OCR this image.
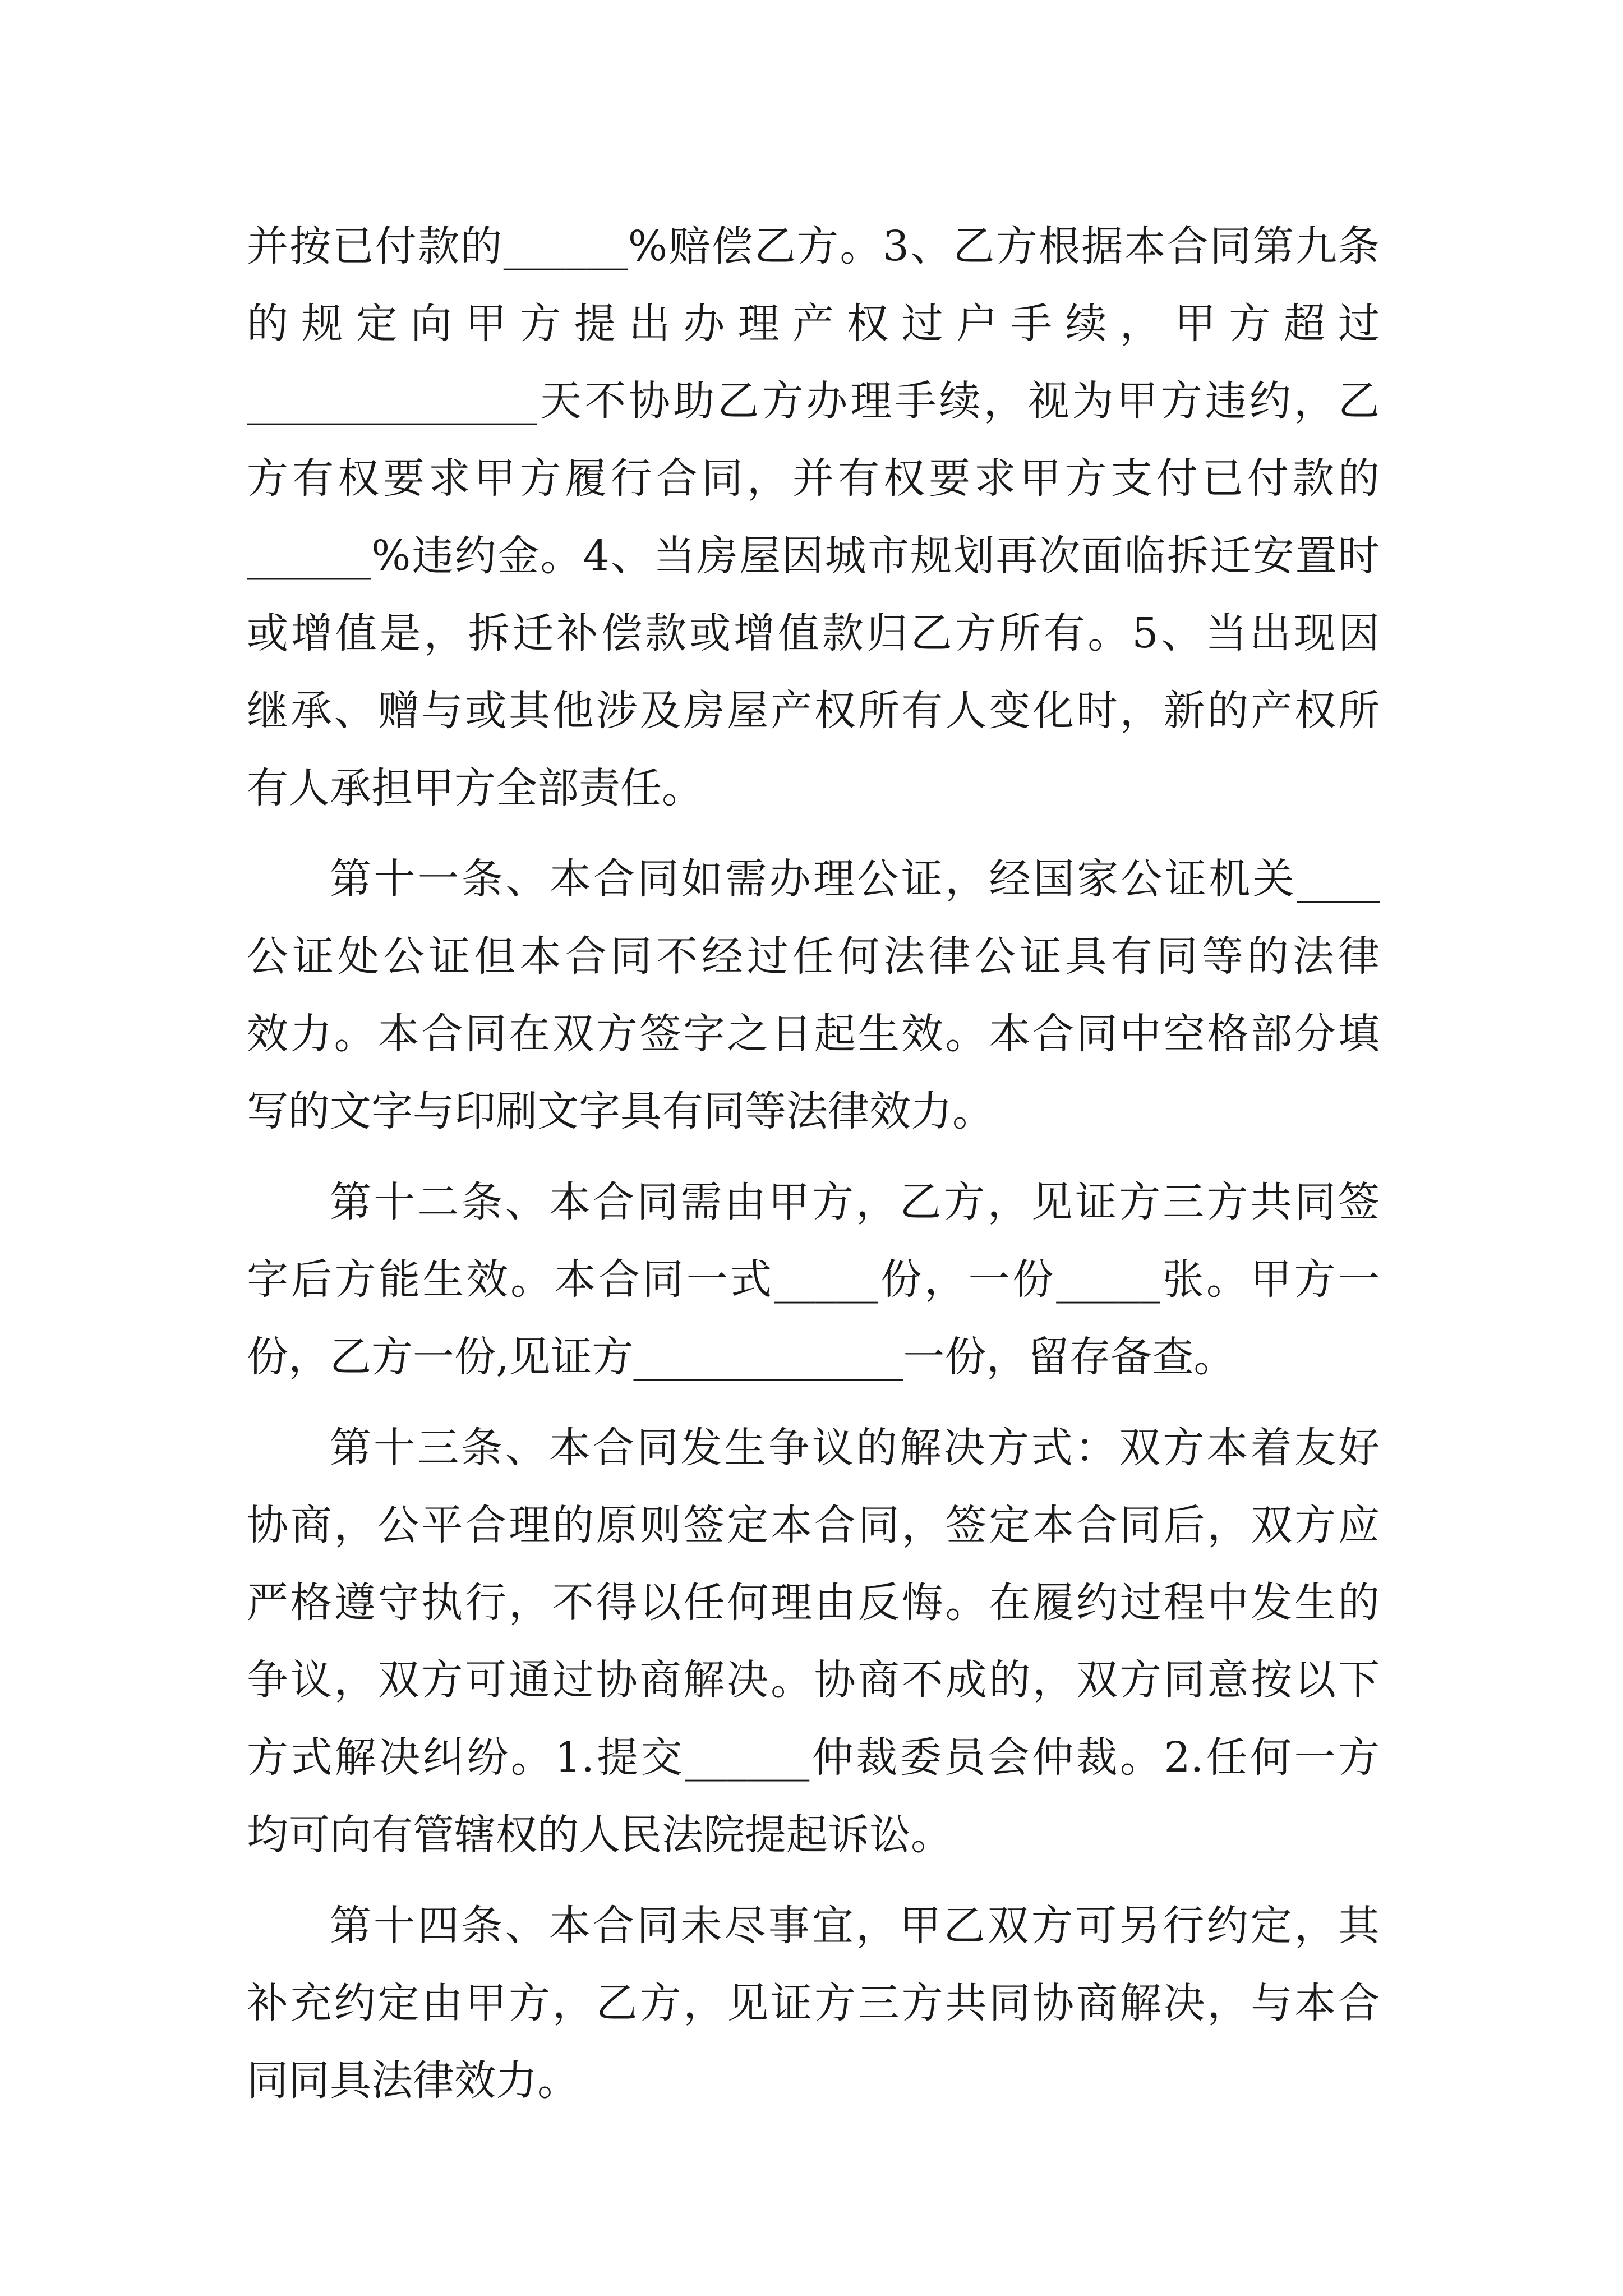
并按已付款的______%赔偿乙方。3、乙方根据本合同第九条
的规定向甲方提出办理产权过户手续，甲方超过
______________天不协助乙方办理手续，视为甲方违约，乙
方有权要求甲方履行合同，并有权要求甲方支付已付款的
______%违约金。4、当房屋因城市规划再次面临拆迁安置时
或增值是，拆迁补偿款或增值款归乙方所有。5、当出现因
继承、赠与或其他涉及房屋产权所有人变化时，新的产权所
有人承担甲方全部责任。
第十一条、本合同如需办理公证，经国家公证机关____
公证处公证但本合同不经过任何法律公证具有同等的法律
效力。本合同在双方签字之日起生效。本合同中空格部分填
写的文字与印刷文字具有同等法律效力。
第十二条、本合同需由甲方，乙方，见证方三方共同签
字后方能生效。本合同一式_____份，一份_____张。甲方一
份，乙方一份,见证方_____________一份，留存备查。
第十三条、本合同发生争议的解决方式：双方本着友好
协商，公平合理的原则签定本合同，签定本合同后，双方应
严格遵守执行，不得以任何理由反悔。在履约过程中发生的
争议，双方可通过协商解决。协商不成的，双方同意按以下
方式解决纠纷。1.提交______仲裁委员会仲裁。2.任何一方
均可向有管辖权的人民法院提起诉讼。
第十四条、本合同未尽事宜，甲乙双方可另行约定，其
补充约定由甲方，乙方，见证方三方共同协商解决，与本合
同同具法律效力。
